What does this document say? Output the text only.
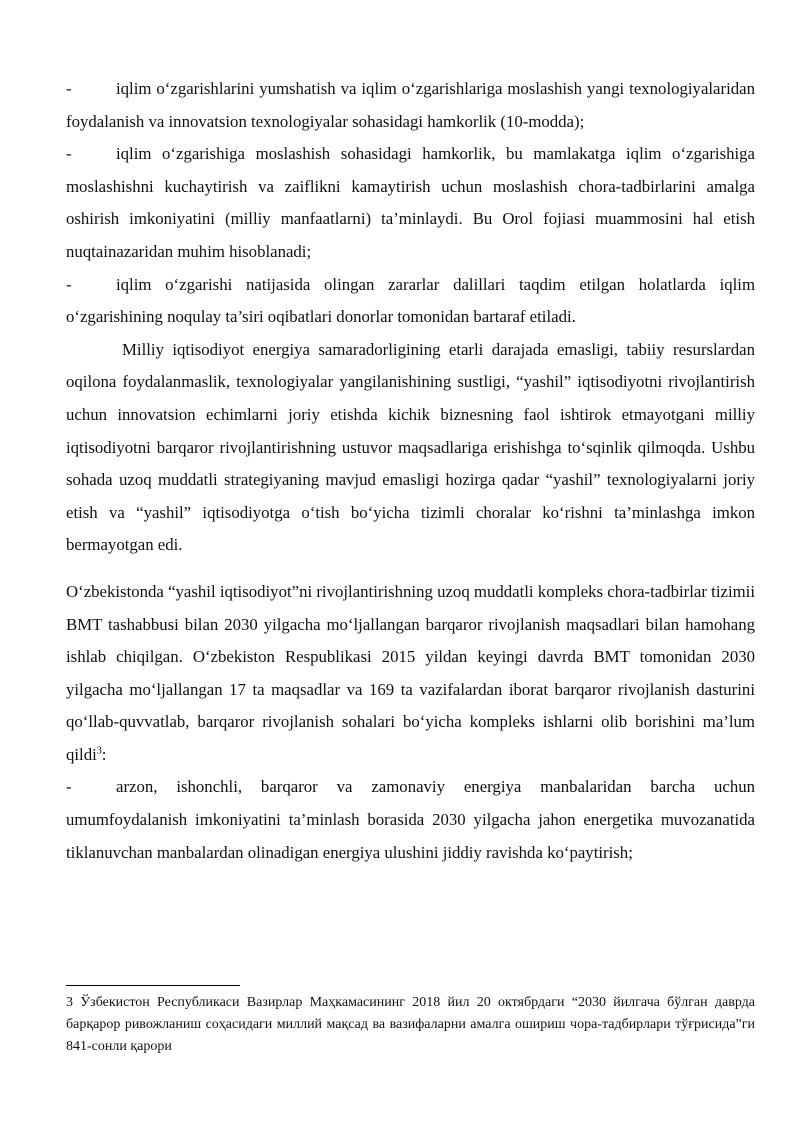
-	iqlim o‘zgarishlarini yumshatish va iqlim o‘zgarishlariga moslashish yangi texnologiyalaridan foydalanish va innovatsion texnologiyalar sohasidagi hamkorlik (10-modda);

-	iqlim o‘zgarishiga moslashish sohasidagi hamkorlik, bu mamlakatga iqlim o‘zgarishiga moslashishni kuchaytirish va zaiflikni kamaytirish uchun moslashish chora-tadbirlarini amalga oshirish imkoniyatini (milliy manfaatlarni) ta’minlaydi. Bu Orol fojiasi muammosini hal etish nuqtainazaridan muhim hisoblanadi;

-	iqlim o‘zgarishi natijasida olingan zararlar dalillari taqdim etilgan holatlarda iqlim o‘zgarishining noqulay ta’siri oqibatlari donorlar tomonidan bartaraf etiladi.

Milliy iqtisodiyot energiya samaradorligining etarli darajada emasligi, tabiiy resurslardan oqilona foydalanmaslik, texnologiyalar yangilanishining sustligi, “yashil” iqtisodiyotni rivojlantirish uchun innovatsion echimlarni joriy etishda kichik biznesning faol ishtirok etmayotgani milliy iqtisodiyotni barqaror rivojlantirishning ustuvor maqsadlariga erishishga to‘sqinlik qilmoqda. Ushbu sohada uzoq muddatli strategiyaning mavjud emasligi hozirga qadar “yashil” texnologiyalarni joriy etish va “yashil” iqtisodiyotga o‘tish bo‘yicha tizimli choralar ko‘rishni ta’minlashga imkon bermayotgan edi.

O‘zbekistonda “yashil iqtisodiyot”ni rivojlantirishning uzoq muddatli kompleks chora-tadbirlar tizimii BMT tashabbusi bilan 2030 yilgacha mo‘ljallangan barqaror rivojlanish maqsadlari bilan hamohang ishlab chiqilgan. O‘zbekiston Respublikasi 2015 yildan keyingi davrda BMT tomonidan 2030 yilgacha mo‘ljallangan 17 ta maqsadlar va 169 ta vazifalardan iborat barqaror rivojlanish dasturini qo‘llab-quvvatlab, barqaror rivojlanish sohalari bo‘yicha kompleks ishlarni olib borishini ma’lum qildi$^3$:

-	arzon, ishonchli, barqaror va zamonaviy energiya manbalaridan barcha uchun umumfoydalanish imkoniyatini ta’minlash borasida 2030 yilgacha jahon energetika muvozanatida tiklanuvchan manbalardan olinadigan energiya ulushini jiddiy ravishda ko‘paytirish;

3 Ўзбекистон Республикаси Вазирлар Маҳкамасининг 2018 йил 20 октябрдаги “2030 йилгача бўлган даврда барқарор ривожланиш соҳасидаги миллий мақсад ва вазифаларни амалга ошириш чора-тадбирлари тўғрисида”ги 841-сонли қарори
